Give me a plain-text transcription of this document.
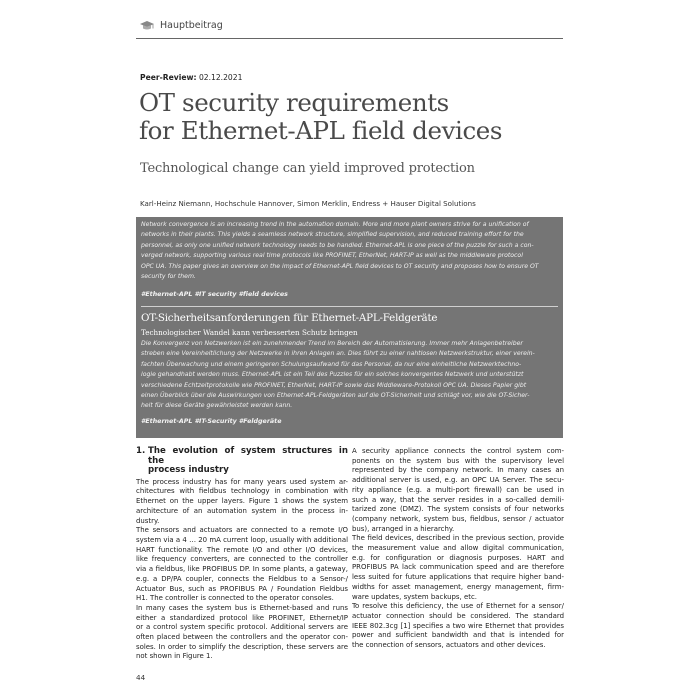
Hauptbeitrag
Peer-Review: 02.12.2021
OT security requirements
for Ethernet-APL field devices
Technological change can yield improved protection
Karl-Heinz Niemann, Hochschule Hannover, Simon Merklin, Endress + Hauser Digital Solutions
Network convergence is an increasing trend in the automation domain. More and more plant owners strive for a unification of
networks in their plants. This yields a seamless network structure, simplified supervision, and reduced training effort for the
personnel, as only one unified network technology needs to be handled. Ethernet-APL is one piece of the puzzle for such a con-
verged network, supporting various real time protocols like PROFINET, EtherNet, HART-IP as well as the middleware protocol
OPC UA. This paper gives an overview on the impact of Ethernet-APL field devices to OT security and proposes how to ensure OT
security for them.
#Ethernet-APL #IT security #field devices
OT-Sicherheitsanforderungen für Ethernet-APL-Feldgeräte
Technologischer Wandel kann verbesserten Schutz bringen
Die Konvergenz von Netzwerken ist ein zunehmender Trend im Bereich der Automatisierung. Immer mehr Anlagenbetreiber
streben eine Vereinheitlichung der Netzwerke in ihren Anlagen an. Dies führt zu einer nahtlosen Netzwerkstruktur, einer verein-
fachten Überwachung und einem geringeren Schulungsaufwand für das Personal, da nur eine einheitliche Netzwerktechno-
logie gehandhabt werden muss. Ethernet-APL ist ein Teil des Puzzles für ein solches konvergentes Netzwerk und unterstützt
verschiedene Echtzeitprotokolle wie PROFINET, EtherNet, HART-IP sowie das Middleware-Protokoll OPC UA. Dieses Papier gibt
einen Überblick über die Auswirkungen von Ethernet-APL-Feldgeräten auf die OT-Sicherheit und schlägt vor, wie die OT-Sicher-
heit für diese Geräte gewährleistet werden kann.
#Ethernet-APL #IT-Security #Feldgeräte
1. The evolution of system structures in the
process industry
The process industry has for many years used system ar-
chitectures with fieldbus technology in combination with
Ethernet on the upper layers. Figure 1 shows the system
architecture of an automation system in the process in-
dustry.
The sensors and actuators are connected to a remote I/O
system via a 4 … 20 mA current loop, usually with additional
HART functionality. The remote I/O and other I/O devices,
like frequency converters, are connected to the controller
via a fieldbus, like PROFIBUS DP. In some plants, a gateway,
e.g. a DP/PA coupler, connects the Fieldbus to a Sensor-/
Actuator Bus, such as PROFIBUS PA / Foundation Fieldbus
H1. The controller is connected to the operator consoles.
In many cases the system bus is Ethernet-based and runs
either a standardized protocol like PROFINET, Ethernet/IP
or a control system specific protocol. Additional servers are
often placed between the controllers and the operator con-
soles. In order to simplify the description, these servers are
not shown in Figure 1.
A security appliance connects the control system com-
ponents on the system bus with the supervisory level
represented by the company network. In many cases an
additional server is used, e.g. an OPC UA Server. The secu-
rity appliance (e.g. a multi-port firewall) can be used in
such a way, that the server resides in a so-called demili-
tarized zone (DMZ). The system consists of four networks
(company network, system bus, fieldbus, sensor / actuator
bus), arranged in a hierarchy.
The field devices, described in the previous section, provide
the measurement value and allow digital communication,
e.g. for configuration or diagnosis purposes. HART and
PROFIBUS PA lack communication speed and are therefore
less suited for future applications that require higher band-
widths for asset management, energy management, firm-
ware updates, system backups, etc.
To resolve this deficiency, the use of Ethernet for a sensor/
actuator connection should be considered. The standard
IEEE 802.3cg [1] specifies a two wire Ethernet that provides
power and sufficient bandwidth and that is intended for
the connection of sensors, actuators and other devices.
44
